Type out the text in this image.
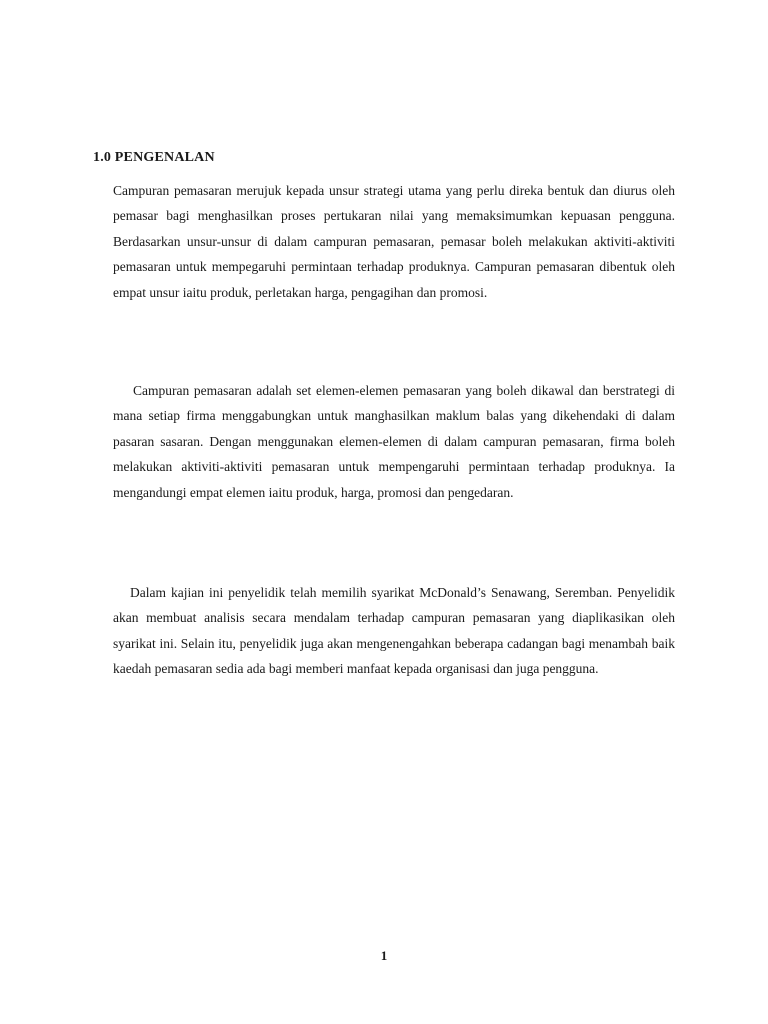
1.0 PENGENALAN

Campuran pemasaran merujuk kepada unsur strategi utama yang perlu direka bentuk dan diurus oleh pemasar bagi menghasilkan proses pertukaran nilai yang memaksimumkan kepuasan pengguna. Berdasarkan unsur-unsur di dalam campuran pemasaran, pemasar boleh melakukan aktiviti-aktiviti pemasaran untuk mempegaruhi permintaan terhadap produknya. Campuran pemasaran dibentuk oleh empat unsur iaitu produk, perletakan harga, pengagihan dan promosi.

Campuran pemasaran adalah set elemen-elemen pemasaran yang boleh dikawal dan berstrategi di mana setiap firma menggabungkan untuk manghasilkan maklum balas yang dikehendaki di dalam pasaran sasaran. Dengan menggunakan elemen-elemen di dalam campuran pemasaran, firma boleh melakukan aktiviti-aktiviti pemasaran untuk mempengaruhi permintaan terhadap produknya. Ia mengandungi empat elemen iaitu produk, harga, promosi dan pengedaran.

Dalam kajian ini penyelidik telah memilih syarikat McDonald’s Senawang, Seremban. Penyelidik akan membuat analisis secara mendalam terhadap campuran pemasaran yang diaplikasikan oleh syarikat ini. Selain itu, penyelidik juga akan mengenengahkan beberapa cadangan bagi menambah baik kaedah pemasaran sedia ada bagi memberi manfaat kepada organisasi dan juga pengguna.

1
